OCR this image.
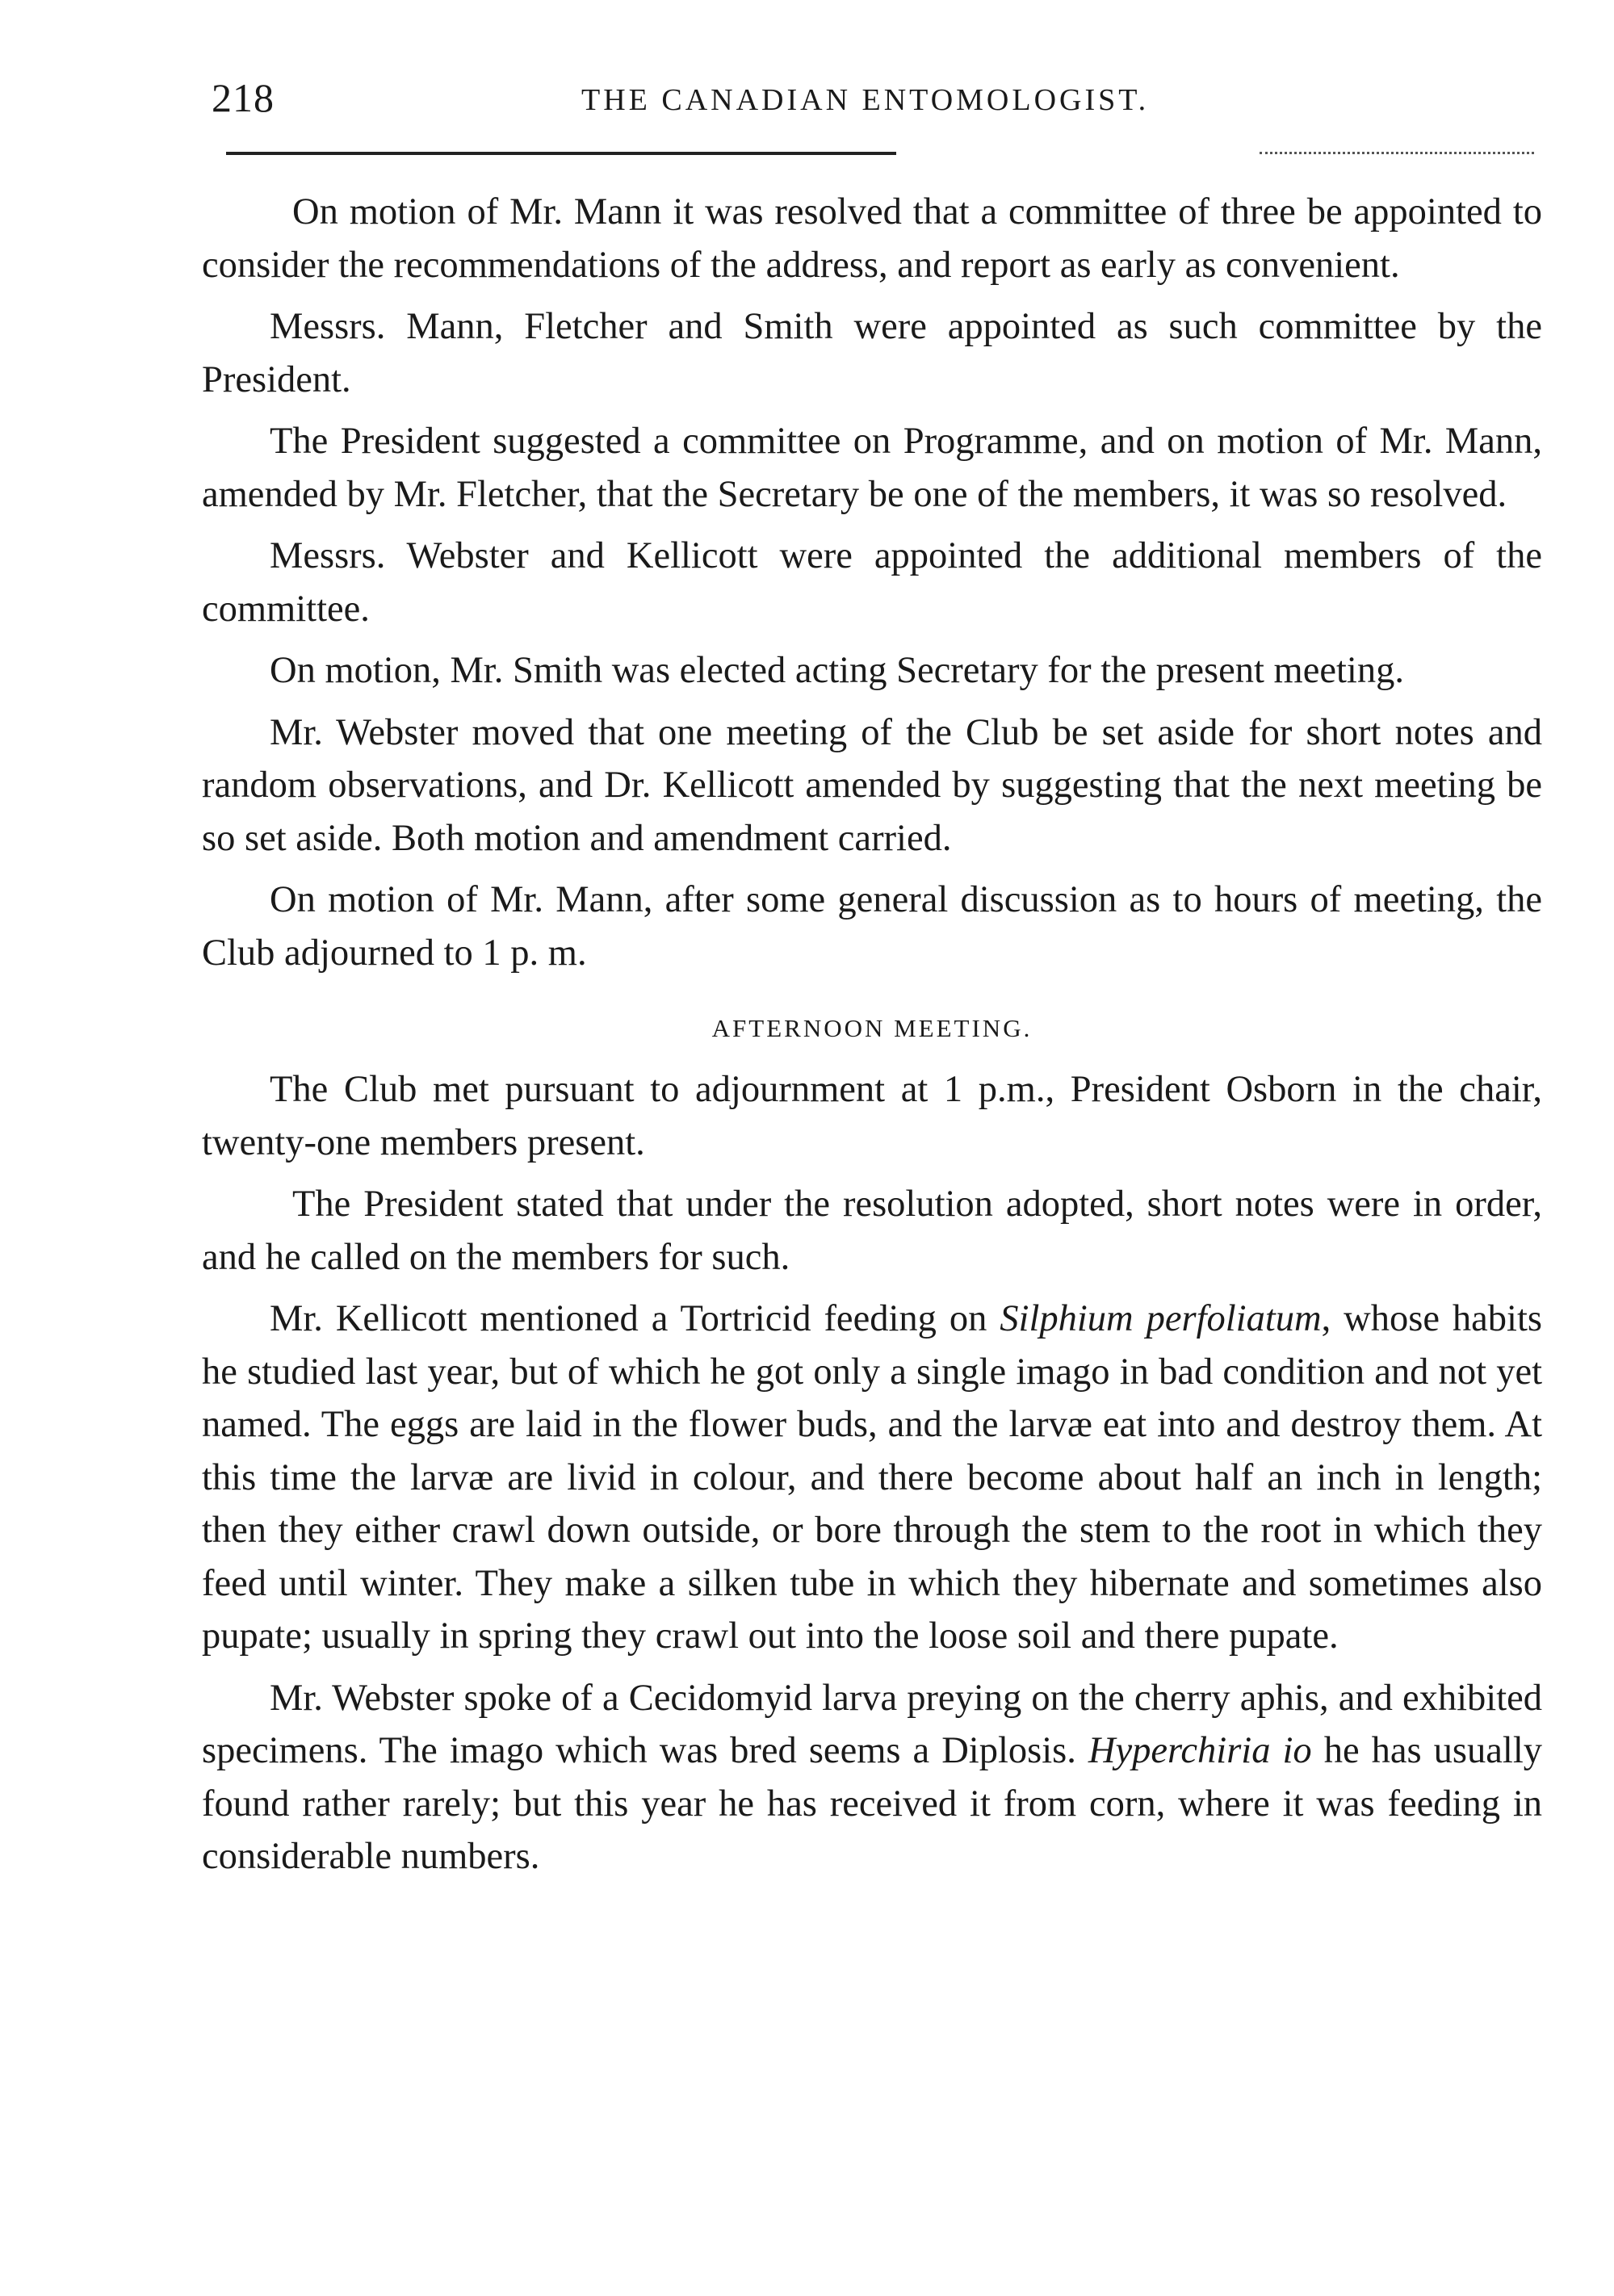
218	THE CANADIAN ENTOMOLOGIST.

On motion of Mr. Mann it was resolved that a committee of three be appointed to consider the recommendations of the address, and report as early as convenient.

Messrs. Mann, Fletcher and Smith were appointed as such committee by the President.

The President suggested a committee on Programme, and on motion of Mr. Mann, amended by Mr. Fletcher, that the Secretary be one of the members, it was so resolved.

Messrs. Webster and Kellicott were appointed the additional members of the committee.

On motion, Mr. Smith was elected acting Secretary for the present meeting.

Mr. Webster moved that one meeting of the Club be set aside for short notes and random observations, and Dr. Kellicott amended by suggesting that the next meeting be so set aside. Both motion and amendment carried.

On motion of Mr. Mann, after some general discussion as to hours of meeting, the Club adjourned to 1 p. m.

AFTERNOON MEETING.

The Club met pursuant to adjournment at 1 p.m., President Osborn in the chair, twenty-one members present.

The President stated that under the resolution adopted, short notes were in order, and he called on the members for such.

Mr. Kellicott mentioned a Tortricid feeding on Silphium perfoliatum, whose habits he studied last year, but of which he got only a single imago in bad condition and not yet named. The eggs are laid in the flower buds, and the larvæ eat into and destroy them. At this time the larvæ are livid in colour, and there become about half an inch in length; then they either crawl down outside, or bore through the stem to the root in which they feed until winter. They make a silken tube in which they hibernate and sometimes also pupate; usually in spring they crawl out into the loose soil and there pupate.

Mr. Webster spoke of a Cecidomyid larva preying on the cherry aphis, and exhibited specimens. The imago which was bred seems a Diplosis. Hyperchiria io he has usually found rather rarely; but this year he has received it from corn, where it was feeding in considerable numbers.
